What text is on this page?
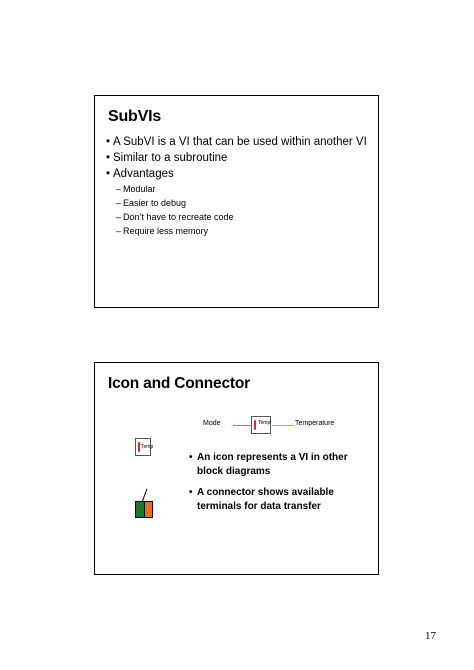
SubVIs
• A SubVI is a VI that can be used within another VI
• Similar to a subroutine
• Advantages
– Modular
– Easier to debug
– Don’t have to recreate code
– Require less memory
Icon and Connector
Mode	Temp	Temperature
Temp
• An icon represents a VI in other block diagrams
• A connector shows available terminals for data transfer
17
